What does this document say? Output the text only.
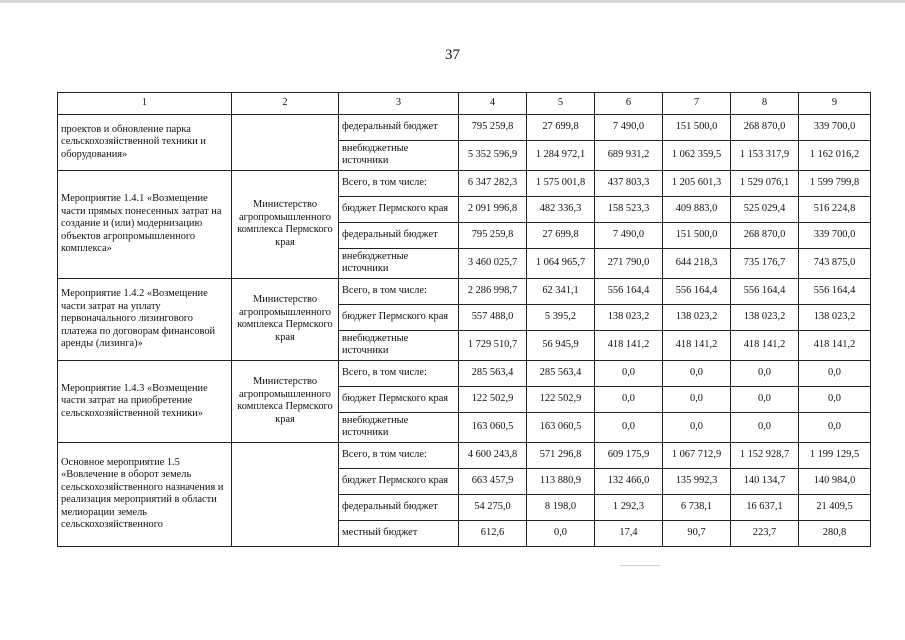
37
1	2	3	4	5	6	7	8	9
проектов и обновление парка сельскохозяйственной техники и оборудования»		федеральный бюджет	795 259,8	27 699,8	7 490,0	151 500,0	268 870,0	339 700,0
		внебюджетные источники	5 352 596,9	1 284 972,1	689 931,2	1 062 359,5	1 153 317,9	1 162 016,2
Мероприятие 1.4.1 «Возмещение части прямых понесенных затрат на создание и (или) модернизацию объектов агропромышленного комплекса»	Министерство агропромышленного комплекса Пермского края	Всего, в том числе:	6 347 282,3	1 575 001,8	437 803,3	1 205 601,3	1 529 076,1	1 599 799,8
		бюджет Пермского края	2 091 996,8	482 336,3	158 523,3	409 883,0	525 029,4	516 224,8
		федеральный бюджет	795 259,8	27 699,8	7 490,0	151 500,0	268 870,0	339 700,0
		внебюджетные источники	3 460 025,7	1 064 965,7	271 790,0	644 218,3	735 176,7	743 875,0
Мероприятие 1.4.2 «Возмещение части затрат на уплату первоначального лизингового платежа по договорам финансовой аренды (лизинга)»	Министерство агропромышленного комплекса Пермского края	Всего, в том числе:	2 286 998,7	62 341,1	556 164,4	556 164,4	556 164,4	556 164,4
		бюджет Пермского края	557 488,0	5 395,2	138 023,2	138 023,2	138 023,2	138 023,2
		внебюджетные источники	1 729 510,7	56 945,9	418 141,2	418 141,2	418 141,2	418 141,2
Мероприятие 1.4.3 «Возмещение части затрат на приобретение сельскохозяйственной техники»	Министерство агропромышленного комплекса Пермского края	Всего, в том числе:	285 563,4	285 563,4	0,0	0,0	0,0	0,0
		бюджет Пермского края	122 502,9	122 502,9	0,0	0,0	0,0	0,0
		внебюджетные источники	163 060,5	163 060,5	0,0	0,0	0,0	0,0
Основное мероприятие 1.5 «Вовлечение в оборот земель сельскохозяйственного назначения и реализация мероприятий в области мелиорации земель сельскохозяйственного		Всего, в том числе:	4 600 243,8	571 296,8	609 175,9	1 067 712,9	1 152 928,7	1 199 129,5
		бюджет Пермского края	663 457,9	113 880,9	132 466,0	135 992,3	140 134,7	140 984,0
		федеральный бюджет	54 275,0	8 198,0	1 292,3	6 738,1	16 637,1	21 409,5
		местный бюджет	612,6	0,0	17,4	90,7	223,7	280,8
